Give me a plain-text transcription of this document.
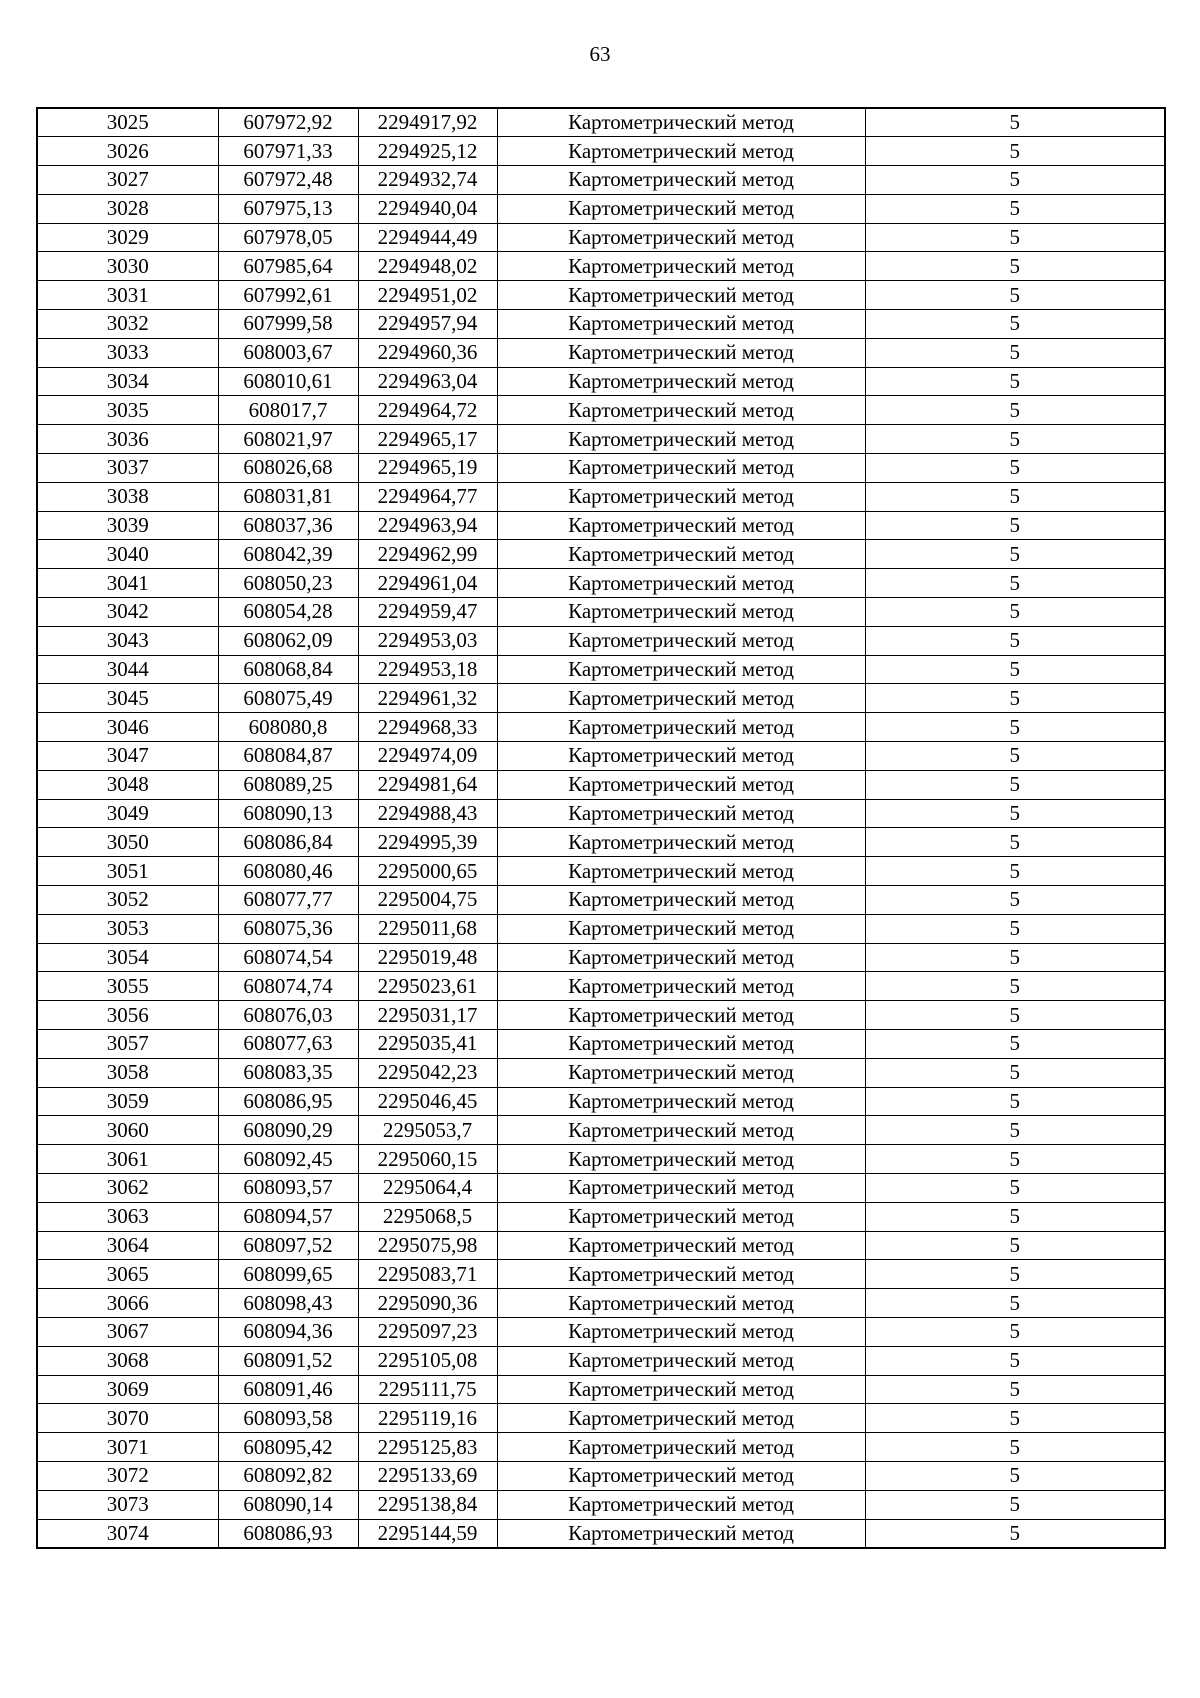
63
3025	607972,92	2294917,92	Картометрический метод	5
3026	607971,33	2294925,12	Картометрический метод	5
3027	607972,48	2294932,74	Картометрический метод	5
3028	607975,13	2294940,04	Картометрический метод	5
3029	607978,05	2294944,49	Картометрический метод	5
3030	607985,64	2294948,02	Картометрический метод	5
3031	607992,61	2294951,02	Картометрический метод	5
3032	607999,58	2294957,94	Картометрический метод	5
3033	608003,67	2294960,36	Картометрический метод	5
3034	608010,61	2294963,04	Картометрический метод	5
3035	608017,7	2294964,72	Картометрический метод	5
3036	608021,97	2294965,17	Картометрический метод	5
3037	608026,68	2294965,19	Картометрический метод	5
3038	608031,81	2294964,77	Картометрический метод	5
3039	608037,36	2294963,94	Картометрический метод	5
3040	608042,39	2294962,99	Картометрический метод	5
3041	608050,23	2294961,04	Картометрический метод	5
3042	608054,28	2294959,47	Картометрический метод	5
3043	608062,09	2294953,03	Картометрический метод	5
3044	608068,84	2294953,18	Картометрический метод	5
3045	608075,49	2294961,32	Картометрический метод	5
3046	608080,8	2294968,33	Картометрический метод	5
3047	608084,87	2294974,09	Картометрический метод	5
3048	608089,25	2294981,64	Картометрический метод	5
3049	608090,13	2294988,43	Картометрический метод	5
3050	608086,84	2294995,39	Картометрический метод	5
3051	608080,46	2295000,65	Картометрический метод	5
3052	608077,77	2295004,75	Картометрический метод	5
3053	608075,36	2295011,68	Картометрический метод	5
3054	608074,54	2295019,48	Картометрический метод	5
3055	608074,74	2295023,61	Картометрический метод	5
3056	608076,03	2295031,17	Картометрический метод	5
3057	608077,63	2295035,41	Картометрический метод	5
3058	608083,35	2295042,23	Картометрический метод	5
3059	608086,95	2295046,45	Картометрический метод	5
3060	608090,29	2295053,7	Картометрический метод	5
3061	608092,45	2295060,15	Картометрический метод	5
3062	608093,57	2295064,4	Картометрический метод	5
3063	608094,57	2295068,5	Картометрический метод	5
3064	608097,52	2295075,98	Картометрический метод	5
3065	608099,65	2295083,71	Картометрический метод	5
3066	608098,43	2295090,36	Картометрический метод	5
3067	608094,36	2295097,23	Картометрический метод	5
3068	608091,52	2295105,08	Картометрический метод	5
3069	608091,46	2295111,75	Картометрический метод	5
3070	608093,58	2295119,16	Картометрический метод	5
3071	608095,42	2295125,83	Картометрический метод	5
3072	608092,82	2295133,69	Картометрический метод	5
3073	608090,14	2295138,84	Картометрический метод	5
3074	608086,93	2295144,59	Картометрический метод	5
